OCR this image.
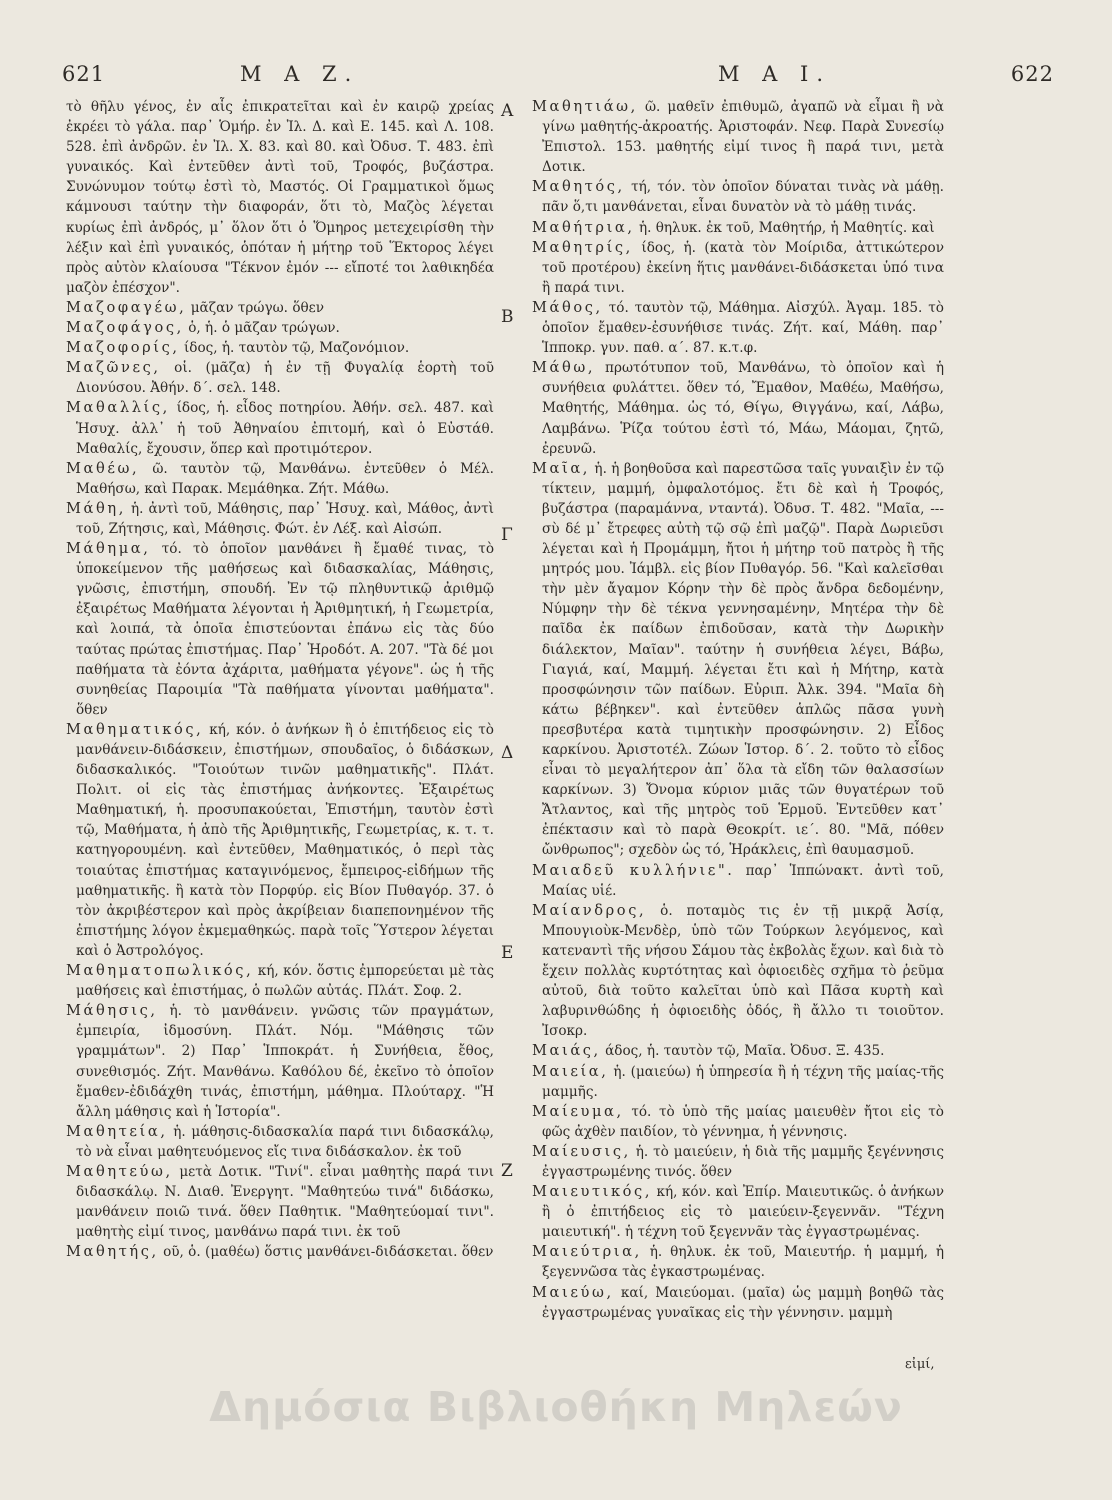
621	Μ Α Ζ.	Μ Α Ι.	622

τὸ θῆλυ γένος, ἐν αἷς ἐπικρατεῖται καὶ ἐν καιρῷ χρείας ἐκρέει τὸ γάλα. παρ᾽ Ὁμήρ. ἐν Ἰλ. Δ. καὶ Ε. 145. καὶ Λ. 108. 528. ἐπὶ ἀνδρῶν. ἐν Ἰλ. Χ. 83. καὶ 80. καὶ Ὀδυσ. Τ. 483. ἐπὶ γυναικός. Καὶ ἐντεῦθεν ἀντὶ τοῦ, Τροφός, βυζάστρα. Συνώνυμον τούτῳ ἐστὶ τὸ, Μαστός. Οἱ Γραμματικοὶ ὅμως κάμνουσι ταύτην τὴν διαφοράν, ὅτι τὸ, Μαζὸς λέγεται κυρίως ἐπὶ ἀνδρός, μ᾽ ὅλον ὅτι ὁ Ὅμηρος μετεχειρίσθη τὴν λέξιν καὶ ἐπὶ γυναικός, ὁπόταν ἡ μήτηρ τοῦ Ἕκτορος λέγει πρὸς αὐτὸν κλαίουσα "Τέκνον ἐμόν --- εἴποτέ τοι λαθικηδέα μαζὸν ἐπέσχον".

Μαζοφαγέω, μᾶζαν τρώγω. ὅθεν

Μαζοφάγος, ὁ, ἡ. ὁ μᾶζαν τρώγων.

Μαζοφορίς, ίδος, ἡ. ταυτὸν τῷ, Μαζονόμιον.

Μαζῶνες, οἱ. (μᾶζα) ἡ ἐν τῇ Φυγαλίᾳ ἑορτὴ τοῦ Διονύσου. Ἀθήν. δ΄. σελ. 148.

Μαθαλλίς, ίδος, ἡ. εἶδος ποτηρίου. Ἀθήν. σελ. 487. καὶ Ἡσυχ. ἀλλ᾽ ἡ τοῦ Ἀθηναίου ἐπιτομή, καὶ ὁ Εὐστάθ. Μαθαλίς, ἔχουσιν, ὅπερ καὶ προτιμότερον.

Μαθέω, ῶ. ταυτὸν τῷ, Μανθάνω. ἐντεῦθεν ὁ Μέλ. Μαθήσω, καὶ Παρακ. Μεμάθηκα. Ζήτ. Μάθω.

Μάθη, ἡ. ἀντὶ τοῦ, Μάθησις, παρ᾽ Ἡσυχ. καὶ, Μάθος, ἀντὶ τοῦ, Ζήτησις, καὶ, Μάθησις. Φώτ. ἐν Λέξ. καὶ Αἰσώπ.

Μάθημα, τό. τὸ ὁποῖον μανθάνει ἢ ἔμαθέ τινας, τὸ ὑποκείμενον τῆς μαθήσεως καὶ διδασκαλίας, Μάθησις, γνῶσις, ἐπιστήμη, σπουδή. Ἐν τῷ πληθυντικῷ ἀριθμῷ ἐξαιρέτως Μαθήματα λέγονται ἡ Ἀριθμητική, ἡ Γεωμετρία, καὶ λοιπά, τὰ ὁποῖα ἐπιστεύονται ἐπάνω εἰς τὰς δύο ταύτας πρώτας ἐπιστήμας. Παρ᾽ Ἡροδότ. Α. 207. "Τὰ δέ μοι παθήματα τὰ ἐόντα ἀχάριτα, μαθήματα γέγονε". ὡς ἡ τῆς συνηθείας Παροιμία "Τὰ παθήματα γίνονται μαθήματα". ὅθεν

Μαθηματικός, κή, κόν. ὁ ἀνήκων ἢ ὁ ἐπιτήδειος εἰς τὸ μανθάνειν-διδάσκειν, ἐπιστήμων, σπουδαῖος, ὁ διδάσκων, διδασκαλικός. "Τοιούτων τινῶν μαθηματικῆς". Πλάτ. Πολιτ. οἱ εἰς τὰς ἐπιστήμας ἀνήκοντες. Ἐξαιρέτως Μαθηματική, ἡ. προσυπακούεται, Ἐπιστήμη, ταυτὸν ἐστὶ τῷ, Μαθήματα, ἡ ἀπὸ τῆς Ἀριθμητικῆς, Γεωμετρίας, κ. τ. τ. κατηγορουμένη. καὶ ἐντεῦθεν, Μαθηματικός, ὁ περὶ τὰς τοιαύτας ἐπιστήμας καταγινόμενος, ἔμπειρος-εἰδήμων τῆς μαθηματικῆς. ἢ κατὰ τὸν Πορφύρ. εἰς Βίον Πυθαγόρ. 37. ὁ τὸν ἀκριβέστερον καὶ πρὸς ἀκρίβειαν διαπεπονημένον τῆς ἐπιστήμης λόγον ἐκμεμαθηκώς. παρὰ τοῖς Ὕστερον λέγεται καὶ ὁ Ἀστρολόγος.

Μαθηματοπωλικός, κή, κόν. ὅστις ἐμπορεύεται μὲ τὰς μαθήσεις καὶ ἐπιστήμας, ὁ πωλῶν αὐτάς. Πλάτ. Σοφ. 2.

Μάθησις, ἡ. τὸ μανθάνειν. γνῶσις τῶν πραγμάτων, ἐμπειρία, ἰδμοσύνη. Πλάτ. Νόμ. "Μάθησις τῶν γραμμάτων". 2) Παρ᾽ Ἱπποκράτ. ἡ Συνήθεια, ἔθος, συνεθισμός. Ζήτ. Μανθάνω. Καθόλου δέ, ἐκεῖνο τὸ ὁποῖον ἔμαθεν-ἐδιδάχθη τινάς, ἐπιστήμη, μάθημα. Πλούταρχ. "Ἡ ἄλλη μάθησις καὶ ἡ Ἱστορία".

Μαθητεία, ἡ. μάθησις-διδασκαλία παρά τινι διδασκάλῳ, τὸ νὰ εἶναι μαθητευόμενος εἴς τινα διδάσκαλον. ἐκ τοῦ

Μαθητεύω, μετὰ Δοτικ. "Τινί". εἶναι μαθητὴς παρά τινι διδασκάλῳ. Ν. Διαθ. Ἐνεργητ. "Μαθητεύω τινά" διδάσκω, μανθάνειν ποιῶ τινά. ὅθεν Παθητικ. "Μαθητεύομαί τινι". μαθητὴς εἰμί τινος, μανθάνω παρά τινι. ἐκ τοῦ

Μαθητής, οῦ, ὁ. (μαθέω) ὅστις μανθάνει-διδάσκεται. ὅθεν

Α
Β
Γ
Δ
Ε
Ζ

Μαθητιάω, ῶ. μαθεῖν ἐπιθυμῶ, ἀγαπῶ νὰ εἶμαι ἢ νὰ γίνω μαθητής-ἀκροατής. Ἀριστοφάν. Νεφ. Παρὰ Συνεσίῳ Ἐπιστολ. 153. μαθητής εἰμί τινος ἢ παρά τινι, μετὰ Δοτικ.

Μαθητός, τή, τόν. τὸν ὁποῖον δύναται τινὰς νὰ μάθῃ. πᾶν ὅ,τι μανθάνεται, εἶναι δυνατὸν νὰ τὸ μάθῃ τινάς.

Μαθήτρια, ἡ. θηλυκ. ἐκ τοῦ, Μαθητήρ, ἡ Μαθητίς. καὶ

Μαθητρίς, ίδος, ἡ. (κατὰ τὸν Μοίριδα, ἀττικώτερον τοῦ προτέρου) ἐκείνη ἥτις μανθάνει-διδάσκεται ὑπό τινα ἢ παρά τινι.

Μάθος, τό. ταυτὸν τῷ, Μάθημα. Αἰσχύλ. Ἀγαμ. 185. τὸ ὁποῖον ἔμαθεν-ἐσυνήθισε τινάς. Ζήτ. καί, Μάθη. παρ᾽ Ἱπποκρ. γυν. παθ. α΄. 87. κ.τ.φ.

Μάθω, πρωτότυπον τοῦ, Μανθάνω, τὸ ὁποῖον καὶ ἡ συνήθεια φυλάττει. ὅθεν τό, Ἔμαθον, Μαθέω, Μαθήσω, Μαθητής, Μάθημα. ὡς τό, Θίγω, Θιγγάνω, καί, Λάβω, Λαμβάνω. Ῥίζα τούτου ἐστὶ τό, Μάω, Μάομαι, ζητῶ, ἐρευνῶ.

Μαῖα, ἡ. ἡ βοηθοῦσα καὶ παρεστῶσα ταῖς γυναιξὶν ἐν τῷ τίκτειν, μαμμή, ὀμφαλοτόμος. ἔτι δὲ καὶ ἡ Τροφός, βυζάστρα (παραμάννα, νταντά). Ὀδυσ. Τ. 482. "Μαῖα, --- σὺ δέ μ᾽ ἔτρεφες αὐτὴ τῷ σῷ ἐπὶ μαζῷ". Παρὰ Δωριεῦσι λέγεται καὶ ἡ Προμάμμη, ἤτοι ἡ μήτηρ τοῦ πατρὸς ἢ τῆς μητρός μου. Ἰάμβλ. εἰς βίον Πυθαγόρ. 56. "Καὶ καλεῖσθαι τὴν μὲν ἄγαμον Κόρην τὴν δὲ πρὸς ἄνδρα δεδομένην, Νύμφην τὴν δὲ τέκνα γεννησαμένην, Μητέρα τὴν δὲ παῖδα ἐκ παίδων ἐπιδοῦσαν, κατὰ τὴν Δωρικὴν διάλεκτον, Μαῖαν". ταύτην ἡ συνήθεια λέγει, Βάβω, Γιαγιά, καί, Μαμμή. λέγεται ἔτι καὶ ἡ Μήτηρ, κατὰ προσφώνησιν τῶν παίδων. Εὐριπ. Ἀλκ. 394. "Μαῖα δὴ κάτω βέβηκεν". καὶ ἐντεῦθεν ἁπλῶς πᾶσα γυνὴ πρεσβυτέρα κατὰ τιμητικὴν προσφώνησιν. 2) Εἶδος καρκίνου. Ἀριστοτέλ. Ζώων Ἱστορ. δ΄. 2. τοῦτο τὸ εἶδος εἶναι τὸ μεγαλήτερον ἀπ᾽ ὅλα τὰ εἴδη τῶν θαλασσίων καρκίνων. 3) Ὄνομα κύριον μιᾶς τῶν θυγατέρων τοῦ Ἄτλαντος, καὶ τῆς μητρὸς τοῦ Ἑρμοῦ. Ἐντεῦθεν κατ᾽ ἐπέκτασιν καὶ τὸ παρὰ Θεοκρίτ. ιε΄. 80. "Μᾶ, πόθεν ὤνθρωπος"; σχεδὸν ὡς τό, Ἡράκλεις, ἐπὶ θαυμασμοῦ.

Μαιαδεῦ κυλλήνιε". παρ᾽ Ἱππώνακτ. ἀντὶ τοῦ, Μαίας υἱέ.

Μαίανδρος, ὁ. ποταμὸς τις ἐν τῇ μικρᾷ Ἀσίᾳ, Μπουγιοὺκ-Μενδὲρ, ὑπὸ τῶν Τούρκων λεγόμενος, καὶ κατεναντὶ τῆς νήσου Σάμου τὰς ἐκβολὰς ἔχων. καὶ διὰ τὸ ἔχειν πολλὰς κυρτότητας καὶ ὀφιοειδὲς σχῆμα τὸ ῥεῦμα αὐτοῦ, διὰ τοῦτο καλεῖται ὑπὸ καὶ Πᾶσα κυρτὴ καὶ λαβυρινθώδης ἡ ὀφιοειδὴς ὁδός, ἢ ἄλλο τι τοιοῦτον. Ἰσοκρ.

Μαιάς, άδος, ἡ. ταυτὸν τῷ, Μαῖα. Ὀδυσ. Ξ. 435.

Μαιεία, ἡ. (μαιεύω) ἡ ὑπηρεσία ἢ ἡ τέχνη τῆς μαίας-τῆς μαμμῆς.

Μαίευμα, τό. τὸ ὑπὸ τῆς μαίας μαιευθὲν ἤτοι εἰς τὸ φῶς ἀχθὲν παιδίον, τὸ γέννημα, ἡ γέννησις.

Μαίευσις, ἡ. τὸ μαιεύειν, ἡ διὰ τῆς μαμμῆς ξεγέννησις ἐγγαστρωμένης τινός. ὅθεν

Μαιευτικός, κή, κόν. καὶ Ἐπίρ. Μαιευτικῶς. ὁ ἀνήκων ἢ ὁ ἐπιτήδειος εἰς τὸ μαιεύειν-ξεγεννᾶν. "Τέχνη μαιευτική". ἡ τέχνη τοῦ ξεγεννᾶν τὰς ἐγγαστρωμένας.

Μαιεύτρια, ἡ. θηλυκ. ἐκ τοῦ, Μαιευτήρ. ἡ μαμμή, ἡ ξεγεννῶσα τὰς ἐγκαστρωμένας.

Μαιεύω, καί, Μαιεύομαι. (μαῖα) ὡς μαμμὴ βοηθῶ τὰς ἐγγαστρωμένας γυναῖκας εἰς τὴν γέννησιν. μαμμὴ

εἰμί,
Δημόσια Βιβλιοθήκη Μηλεών
